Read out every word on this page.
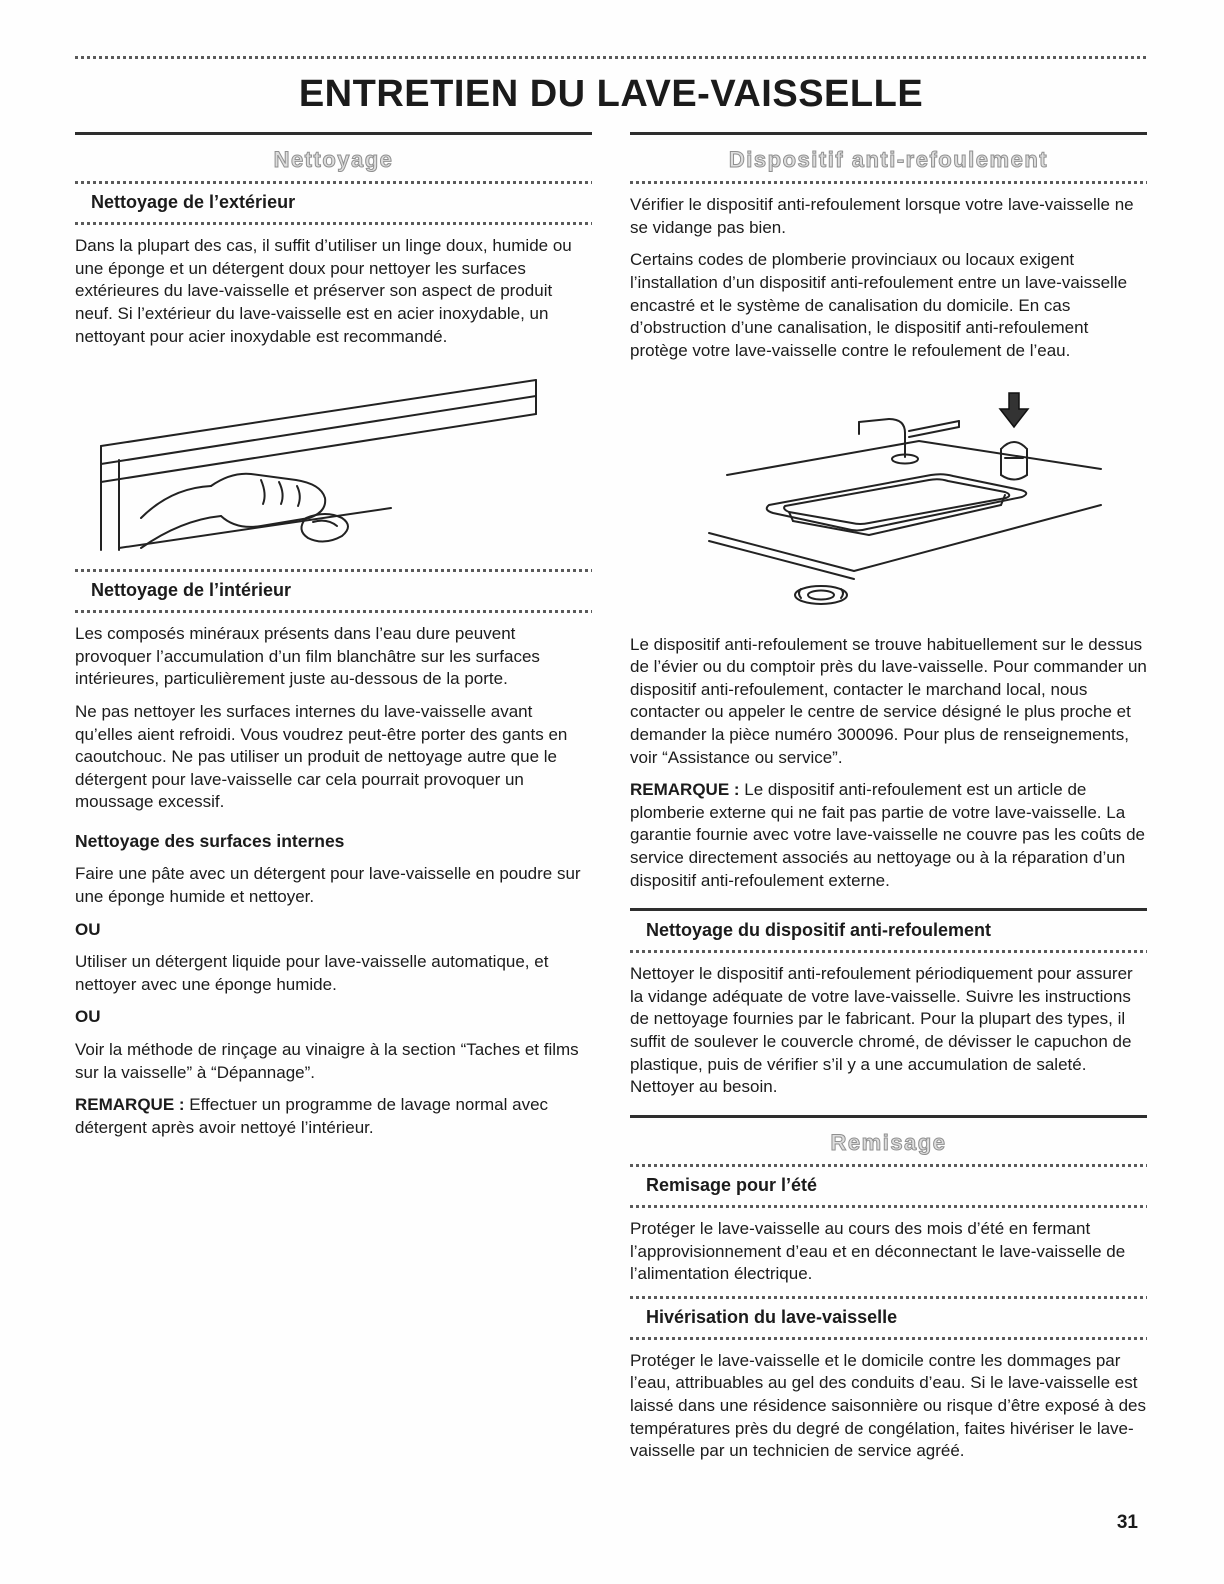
ENTRETIEN DU LAVE-VAISSELLE
Nettoyage
Nettoyage de l’extérieur

Dans la plupart des cas, il suffit d’utiliser un linge doux, humide ou une éponge et un détergent doux pour nettoyer les surfaces extérieures du lave-vaisselle et préserver son aspect de produit neuf. Si l’extérieur du lave-vaisselle est en acier inoxydable, un nettoyant pour acier inoxydable est recommandé.

Nettoyage de l’intérieur

Les composés minéraux présents dans l’eau dure peuvent provoquer l’accumulation d’un film blanchâtre sur les surfaces intérieures, particulièrement juste au-dessous de la porte.

Ne pas nettoyer les surfaces internes du lave-vaisselle avant qu’elles aient refroidi. Vous voudrez peut-être porter des gants en caoutchouc. Ne pas utiliser un produit de nettoyage autre que le détergent pour lave-vaisselle car cela pourrait provoquer un moussage excessif.

Nettoyage des surfaces internes

Faire une pâte avec un détergent pour lave-vaisselle en poudre sur une éponge humide et nettoyer.

OU

Utiliser un détergent liquide pour lave-vaisselle automatique, et nettoyer avec une éponge humide.

OU

Voir la méthode de rinçage au vinaigre à la section “Taches et films sur la vaisselle” à “Dépannage”.

REMARQUE : Effectuer un programme de lavage normal avec détergent après avoir nettoyé l’intérieur.

Dispositif anti-refoulement

Vérifier le dispositif anti-refoulement lorsque votre lave-vaisselle ne se vidange pas bien.

Certains codes de plomberie provinciaux ou locaux exigent l’installation d’un dispositif anti-refoulement entre un lave-vaisselle encastré et le système de canalisation du domicile. En cas d’obstruction d’une canalisation, le dispositif anti-refoulement protège votre lave-vaisselle contre le refoulement de l’eau.

Le dispositif anti-refoulement se trouve habituellement sur le dessus de l’évier ou du comptoir près du lave-vaisselle. Pour commander un dispositif anti-refoulement, contacter le marchand local, nous contacter ou appeler le centre de service désigné le plus proche et demander la pièce numéro 300096. Pour plus de renseignements, voir “Assistance ou service”.

REMARQUE : Le dispositif anti-refoulement est un article de plomberie externe qui ne fait pas partie de votre lave-vaisselle. La garantie fournie avec votre lave-vaisselle ne couvre pas les coûts de service directement associés au nettoyage ou à la réparation d’un dispositif anti-refoulement externe.

Nettoyage du dispositif anti-refoulement

Nettoyer le dispositif anti-refoulement périodiquement pour assurer la vidange adéquate de votre lave-vaisselle. Suivre les instructions de nettoyage fournies par le fabricant. Pour la plupart des types, il suffit de soulever le couvercle chromé, de dévisser le capuchon de plastique, puis de vérifier s’il y a une accumulation de saleté. Nettoyer au besoin.

Remisage
Remisage pour l’été

Protéger le lave-vaisselle au cours des mois d’été en fermant l’approvisionnement d’eau et en déconnectant le lave-vaisselle de l’alimentation électrique.

Hivérisation du lave-vaisselle

Protéger le lave-vaisselle et le domicile contre les dommages par l’eau, attribuables au gel des conduits d’eau. Si le lave-vaisselle est laissé dans une résidence saisonnière ou risque d’être exposé à des températures près du degré de congélation, faites hivériser le lave-vaisselle par un technicien de service agréé.

31
